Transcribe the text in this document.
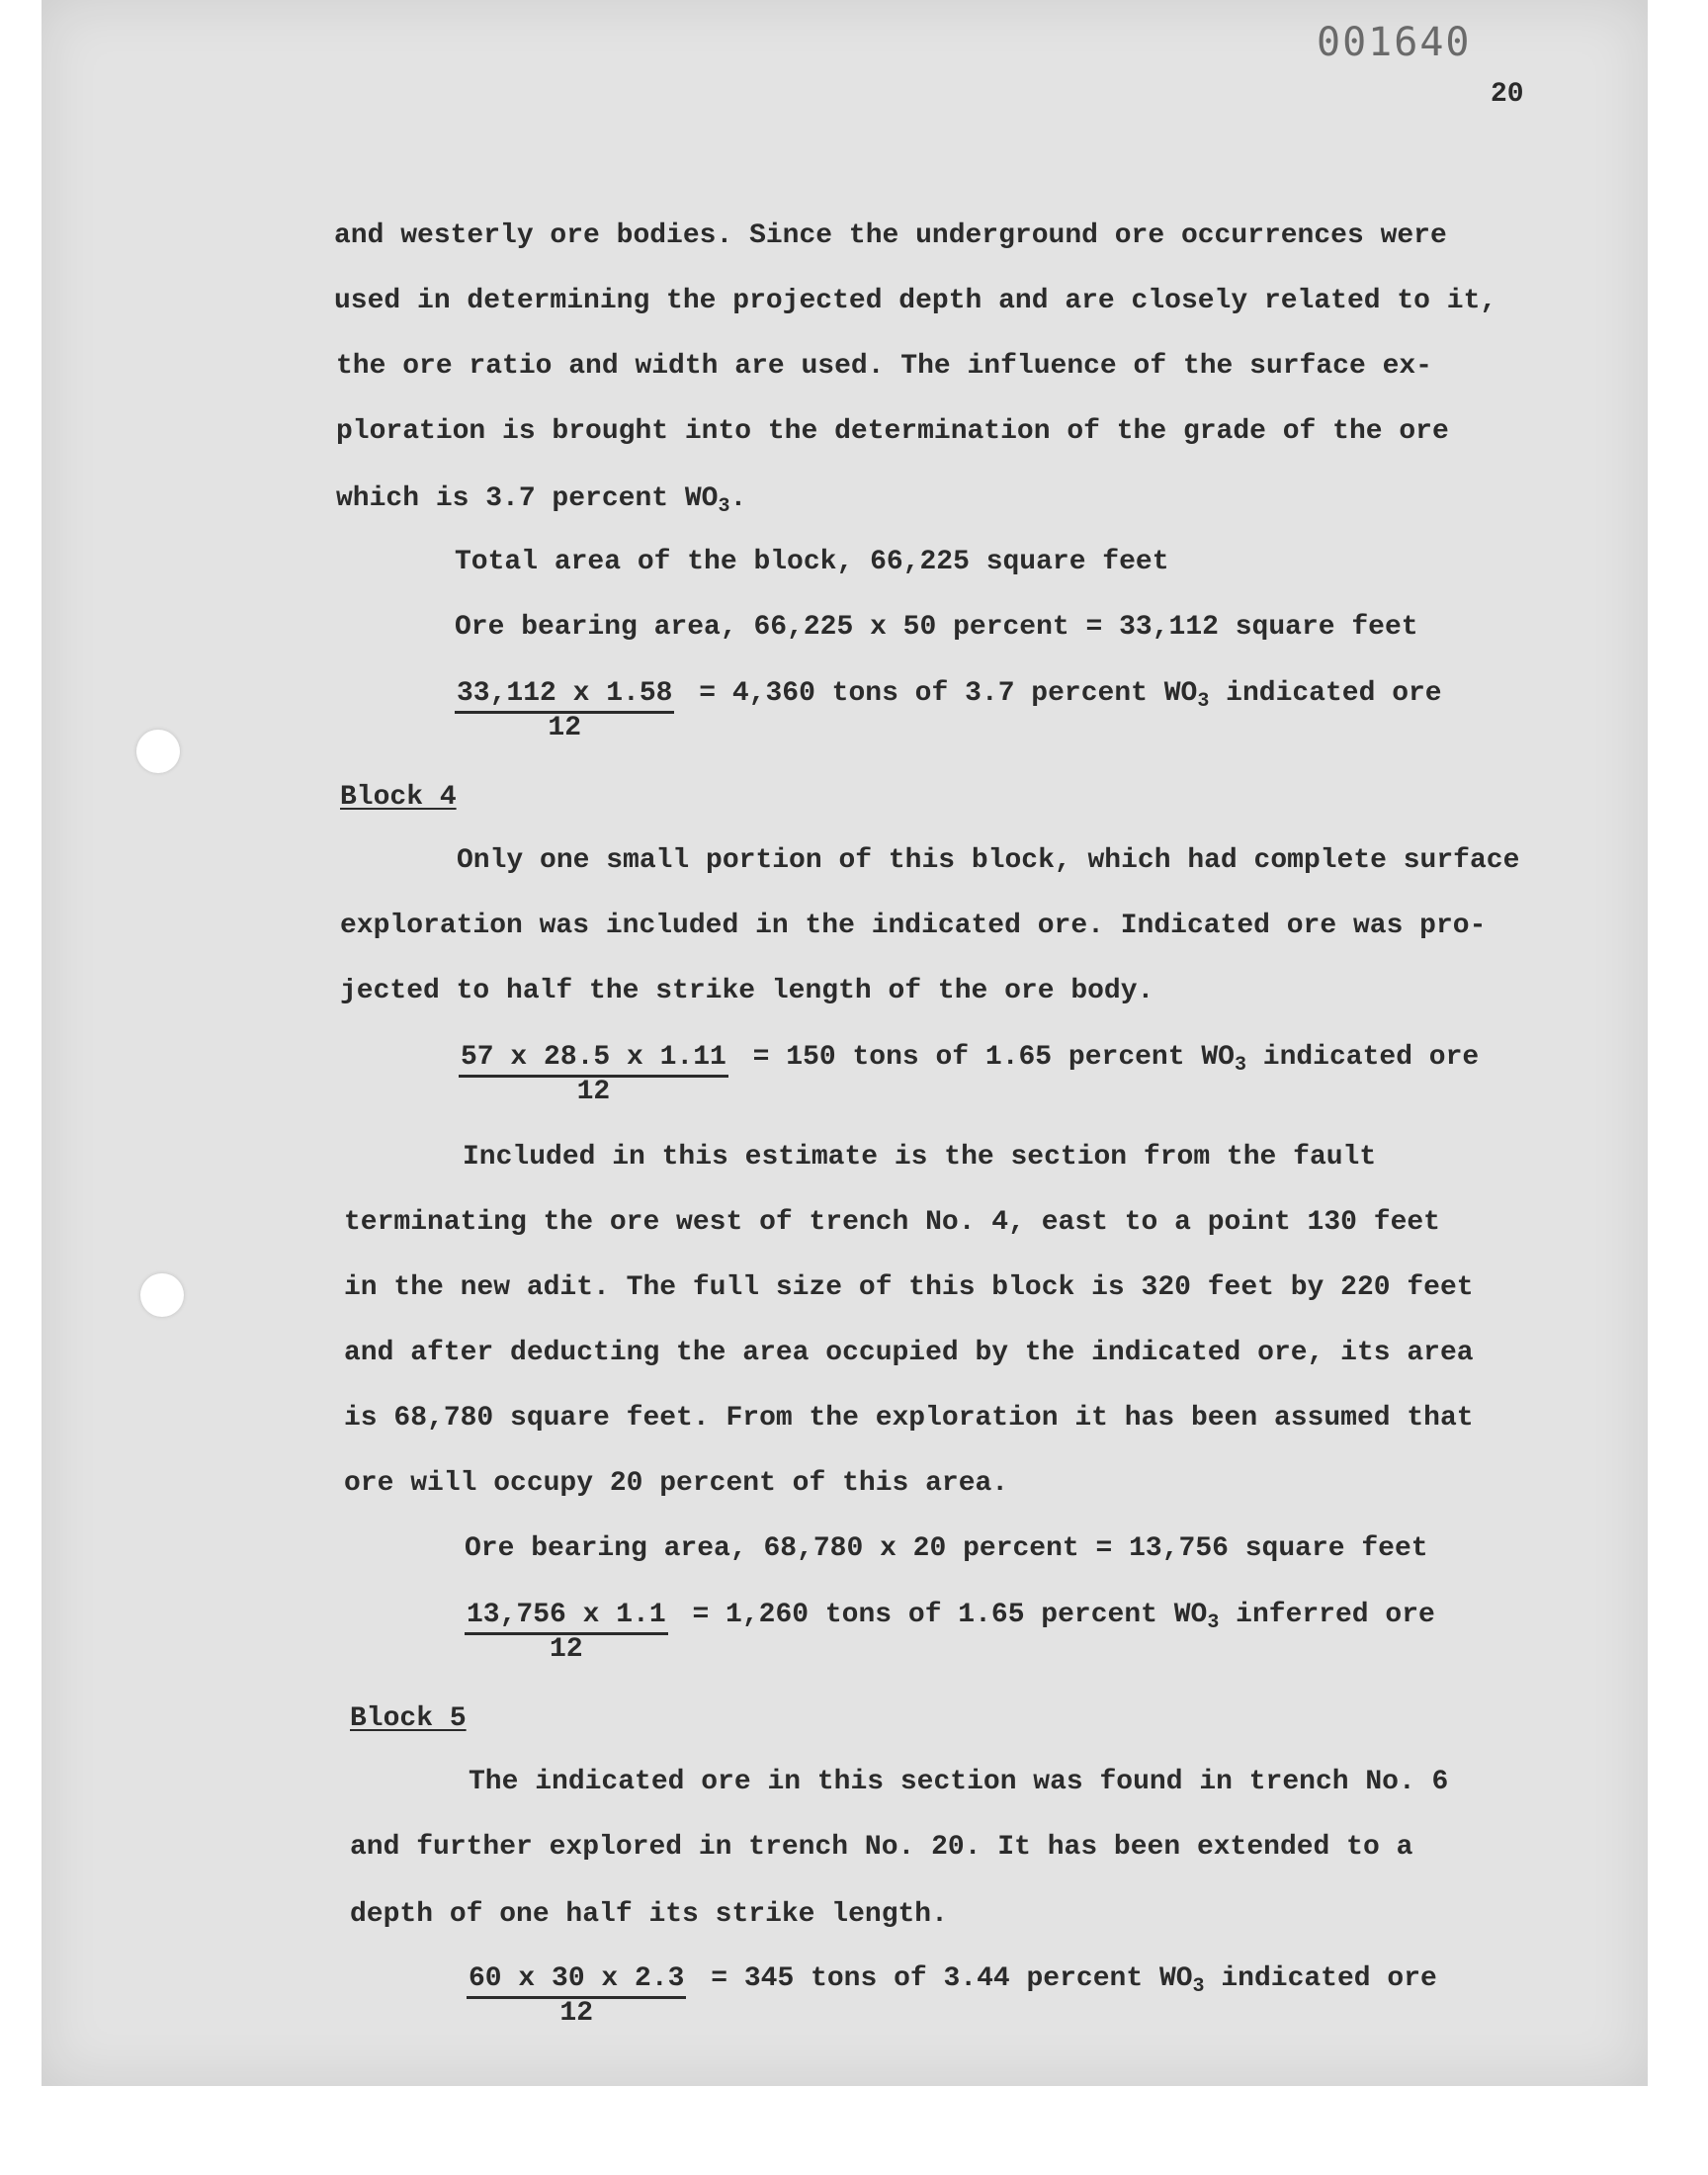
001640
20
and westerly ore bodies. Since the underground ore occurrences were
used in determining the projected depth and are closely related to it,
the ore ratio and width are used. The influence of the surface ex-
ploration is brought into the determination of the grade of the ore
which is 3.7 percent $WO_3$.
Total area of the block, 66,225 square feet
Ore bearing area, 66,225 x 50 percent = 33,112 square feet
$\frac{33,112 x 1.58}{12} = 4,360$ tons of 3.7 percent $WO_3$ indicated ore
Block 4
Only one small portion of this block, which had complete surface
exploration was included in the indicated ore. Indicated ore was pro-
jected to half the strike length of the ore body.
$\frac{57 x 28.5 x 1.11}{12} = 150$ tons of 1.65 percent $WO_3$ indicated ore
Included in this estimate is the section from the fault
terminating the ore west of trench No. 4, east to a point 130 feet
in the new adit. The full size of this block is 320 feet by 220 feet
and after deducting the area occupied by the indicated ore, its area
is 68,780 square feet. From the exploration it has been assumed that
ore will occupy 20 percent of this area.
Ore bearing area, 68,780 x 20 percent = 13,756 square feet
$\frac{13,756 x 1.1}{12} = 1,260$ tons of 1.65 percent $WO_3$ inferred ore
Block 5
The indicated ore in this section was found in trench No. 6
and further explored in trench No. 20. It has been extended to a
depth of one half its strike length.
$\frac{60 x 30 x 2.3}{12} = 345$ tons of 3.44 percent $WO_3$ indicated ore
